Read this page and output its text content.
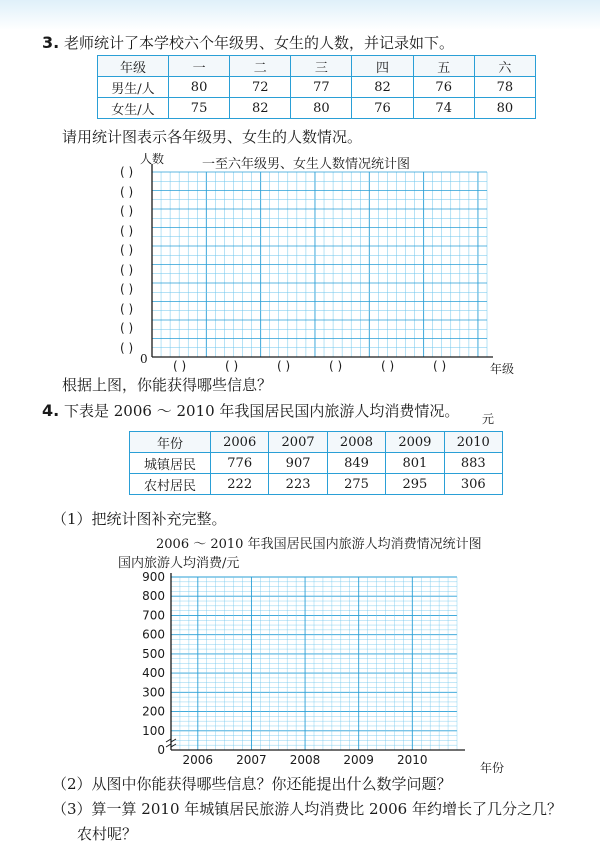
3. 老师统计了本学校六个年级男、女生的人数，并记录如下。
年级	一	二	三	四	五	六
男生/人	80	72	77	82	76	78
女生/人	75	82	80	76	74	80
请用统计图表示各年级男、女生的人数情况。
人数	一至六年级男、女生人数情况统计图
0
年级
( )
( )
( )
( )
( )
( )
( )
( )
( )
( )
( )	( )	( )	( )	( )	( )
根据上图，你能获得哪些信息？
4. 下表是 2006 ～ 2010 年我国居民国内旅游人均消费情况。 元
年份	2006	2007	2008	2009	2010
城镇居民	776	907	849	801	883
农村居民	222	223	275	295	306
（1）把统计图补充完整。
2006 ～ 2010 年我国居民国内旅游人均消费情况统计图
国内旅游人均消费/元
900
800
700
600
500
400
300
200
100
0
2006 2007 2008 2009 2010
年份
（2）从图中你能获得哪些信息？你还能提出什么数学问题？
（3）算一算 2010 年城镇居民旅游人均消费比 2006 年约增长了几分之几？
农村呢？
